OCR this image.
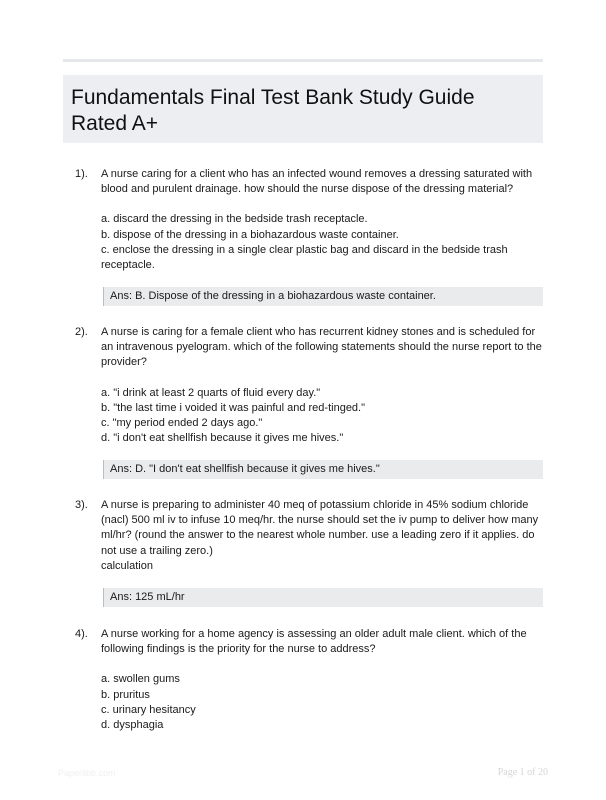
Fundamentals Final Test Bank Study Guide
Rated A+
1). A nurse caring for a client who has an infected wound removes a dressing saturated with blood and purulent drainage. how should the nurse dispose of the dressing material?

a. discard the dressing in the bedside trash receptacle.
b. dispose of the dressing in a biohazardous waste container.
c. enclose the dressing in a single clear plastic bag and discard in the bedside trash receptacle.
Ans: B. Dispose of the dressing in a biohazardous waste container.
2). A nurse is caring for a female client who has recurrent kidney stones and is scheduled for an intravenous pyelogram. which of the following statements should the nurse report to the provider?

a. "i drink at least 2 quarts of fluid every day."
b. "the last time i voided it was painful and red-tinged."
c. "my period ended 2 days ago."
d. "i don't eat shellfish because it gives me hives."
Ans: D. "I don't eat shellfish because it gives me hives."
3). A nurse is preparing to administer 40 meq of potassium chloride in 45% sodium chloride (nacl) 500 ml iv to infuse 10 meq/hr. the nurse should set the iv pump to deliver how many ml/hr? (round the answer to the nearest whole number. use a leading zero if it applies. do not use a trailing zero.)

calculation

Ans: 125 mL/hr
4). A nurse working for a home agency is assessing an older adult male client. which of the following findings is the priority for the nurse to address?

a. swollen gums
b. pruritus
c. urinary hesitancy
d. dysphagia
Paperlibb.com	Page 1 of 20
